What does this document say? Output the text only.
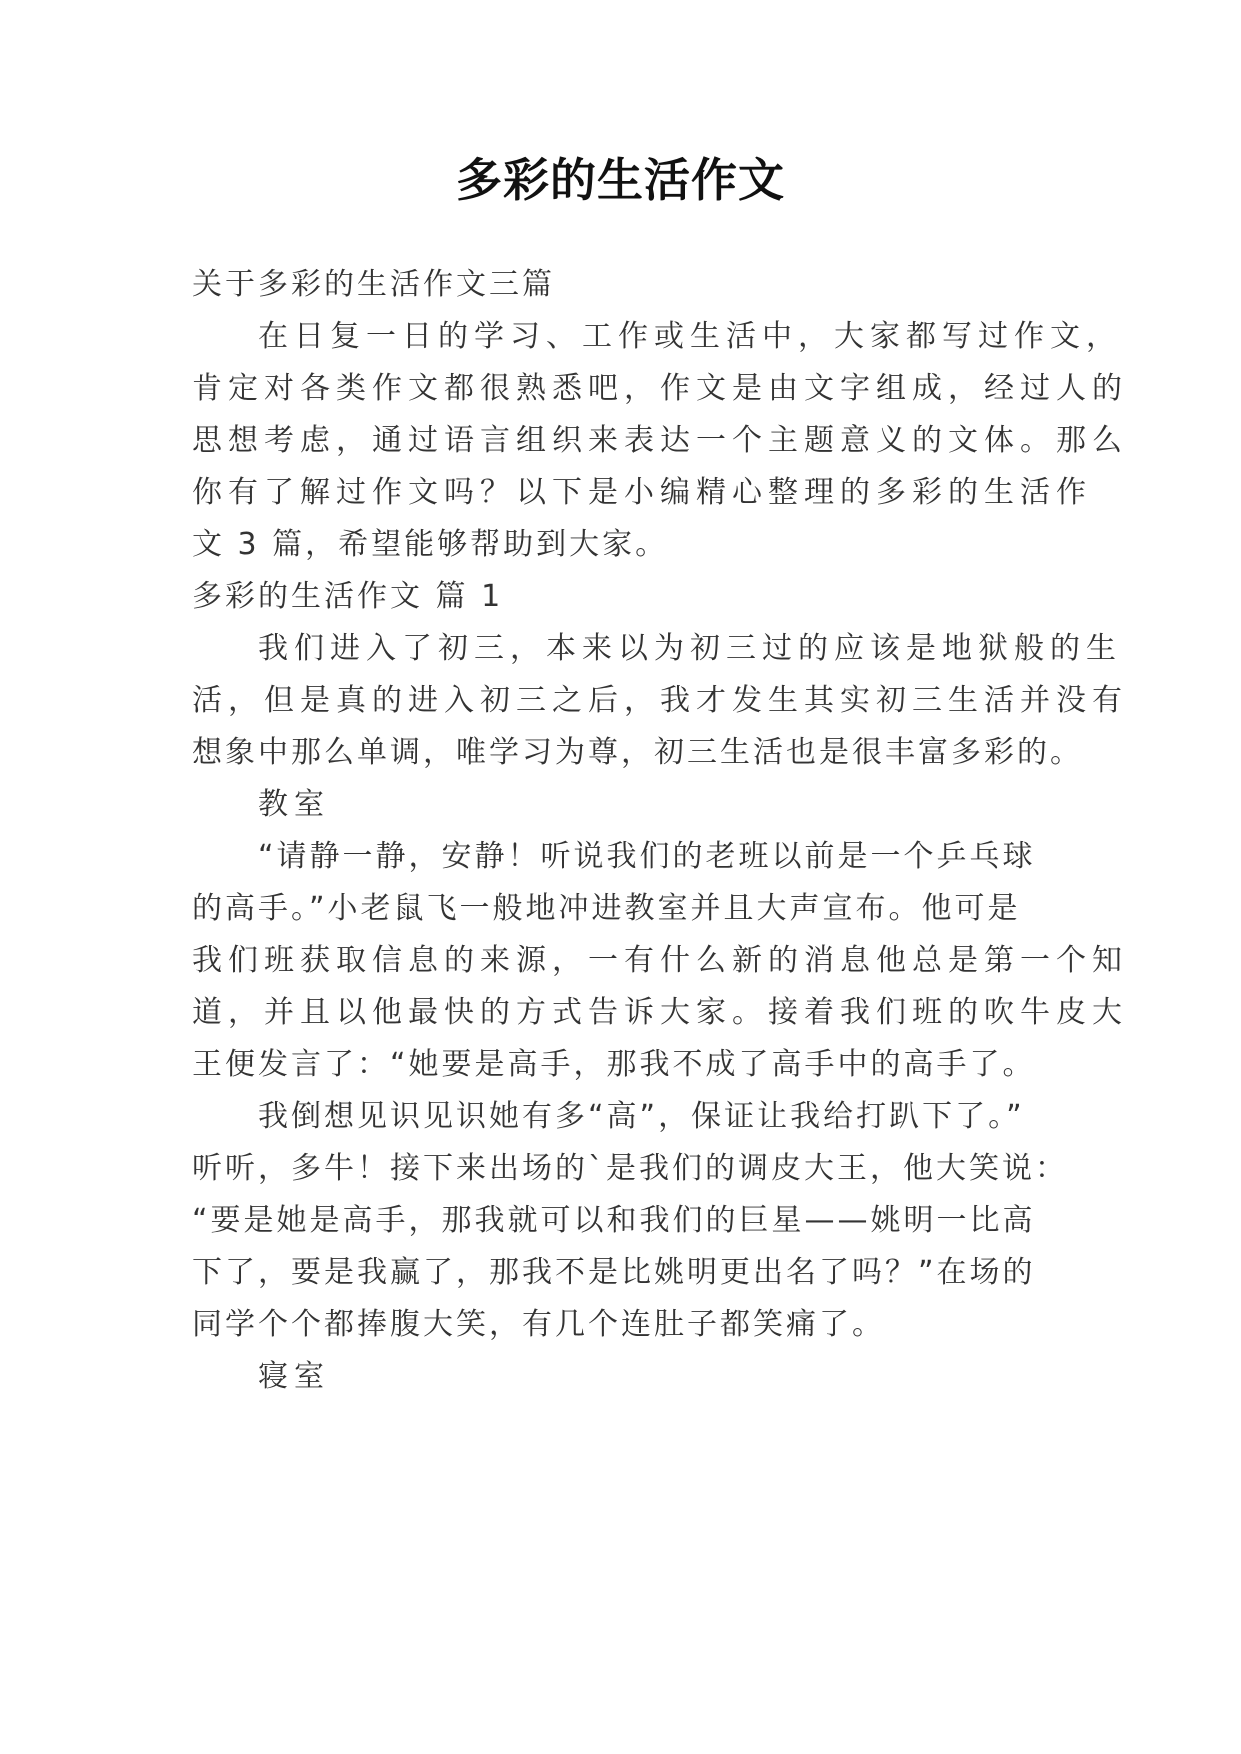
多彩的生活作文
关于多彩的生活作文三篇
在日复一日的学习、工作或生活中，大家都写过作文，
肯定对各类作文都很熟悉吧，作文是由文字组成，经过人的
思想考虑，通过语言组织来表达一个主题意义的文体。那么
你有了解过作文吗？以下是小编精心整理的多彩的生活作
文 3 篇，希望能够帮助到大家。
多彩的生活作文 篇 1
我们进入了初三，本来以为初三过的应该是地狱般的生
活，但是真的进入初三之后，我才发生其实初三生活并没有
想象中那么单调，唯学习为尊，初三生活也是很丰富多彩的。
教室
“请静一静，安静！听说我们的老班以前是一个乒乓球
的高手。”小老鼠飞一般地冲进教室并且大声宣布。他可是
我们班获取信息的来源，一有什么新的消息他总是第一个知
道，并且以他最快的方式告诉大家。接着我们班的吹牛皮大
王便发言了：“她要是高手，那我不成了高手中的高手了。
我倒想见识见识她有多“高”，保证让我给打趴下了。”
听听，多牛！接下来出场的`是我们的调皮大王，他大笑说：
“要是她是高手，那我就可以和我们的巨星——姚明一比高
下了，要是我赢了，那我不是比姚明更出名了吗？”在场的
同学个个都捧腹大笑，有几个连肚子都笑痛了。
寝室
